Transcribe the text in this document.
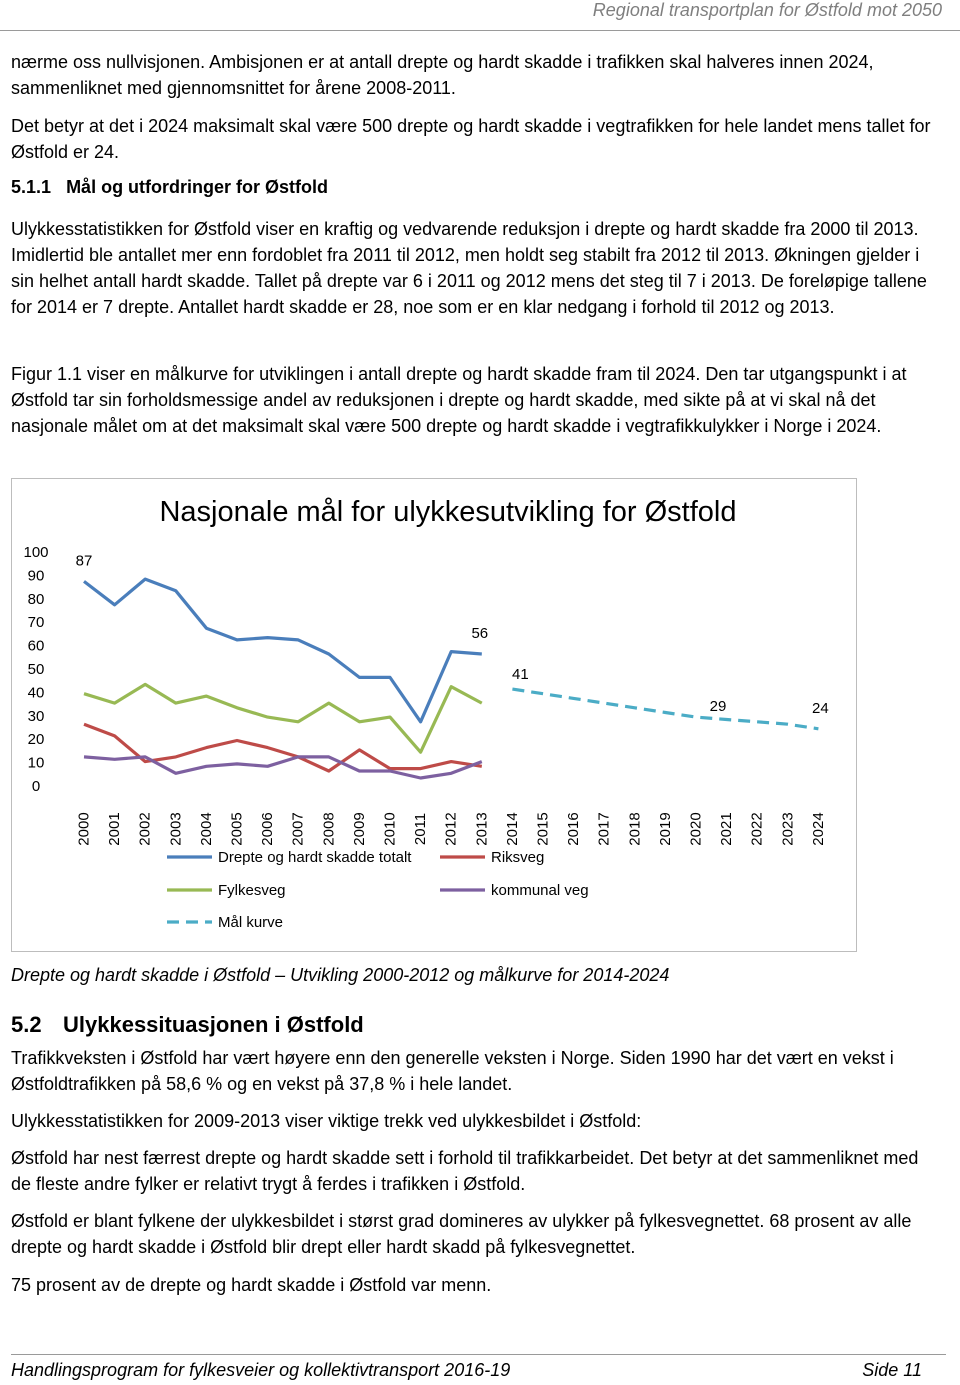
Regional transportplan for Østfold mot 2050

nærme oss nullvisjonen. Ambisjonen er at antall drepte og hardt skadde i trafikken skal halveres innen 2024, sammenliknet med gjennomsnittet for årene 2008-2011.

Det betyr at det i 2024 maksimalt skal være 500 drepte og hardt skadde i vegtrafikken for hele landet mens tallet for Østfold er 24.

5.1.1 Mål og utfordringer for Østfold

Ulykkesstatistikken for Østfold viser en kraftig og vedvarende reduksjon i drepte og hardt skadde fra 2000 til 2013. Imidlertid ble antallet mer enn fordoblet fra 2011 til 2012, men holdt seg stabilt fra 2012 til 2013. Økningen gjelder i sin helhet antall hardt skadde. Tallet på drepte var 6 i 2011 og 2012 mens det steg til 7 i 2013. De foreløpige tallene for 2014 er 7 drepte. Antallet hardt skadde er 28, noe som er en klar nedgang i forhold til 2012 og 2013.

Figur 1.1 viser en målkurve for utviklingen i antall drepte og hardt skadde fram til 2024. Den tar utgangspunkt i at Østfold tar sin forholdsmessige andel av reduksjonen i drepte og hardt skadde, med sikte på at vi skal nå det nasjonale målet om at det maksimalt skal være 500 drepte og hardt skadde i vegtrafikkulykker i Norge i 2024.

Nasjonale mål for ulykkesutvikling for Østfold
0
10
20
30
40
50
60
70
80
90
100
2000 2001 2002 2003 2004 2005 2006 2007 2008 2009 2010 2011 2012 2013 2014 2015 2016 2017 2018 2019 2020 2021 2022 2023 2024
87
56
41
29	24
Drepte og hardt skadde totalt	Riksveg
Fylkesveg	kommunal veg
Mål kurve
Drepte og hardt skadde i Østfold – Utvikling 2000-2012 og målkurve for 2014-2024
5.2 Ulykkessituasjonen i Østfold

Trafikkveksten i Østfold har vært høyere enn den generelle veksten i Norge. Siden 1990 har det vært en vekst i Østfoldtrafikken på 58,6 % og en vekst på 37,8 % i hele landet.

Ulykkesstatistikken for 2009-2013 viser viktige trekk ved ulykkesbildet i Østfold:

Østfold har nest færrest drepte og hardt skadde sett i forhold til trafikkarbeidet. Det betyr at det sammenliknet med de fleste andre fylker er relativt trygt å ferdes i trafikken i Østfold.

Østfold er blant fylkene der ulykkesbildet i størst grad domineres av ulykker på fylkesvegnettet. 68 prosent av alle drepte og hardt skadde i Østfold blir drept eller hardt skadd på fylkesvegnettet.

75 prosent av de drepte og hardt skadde i Østfold var menn.

Handlingsprogram for fylkesveier og kollektivtransport 2016-19	Side 11
